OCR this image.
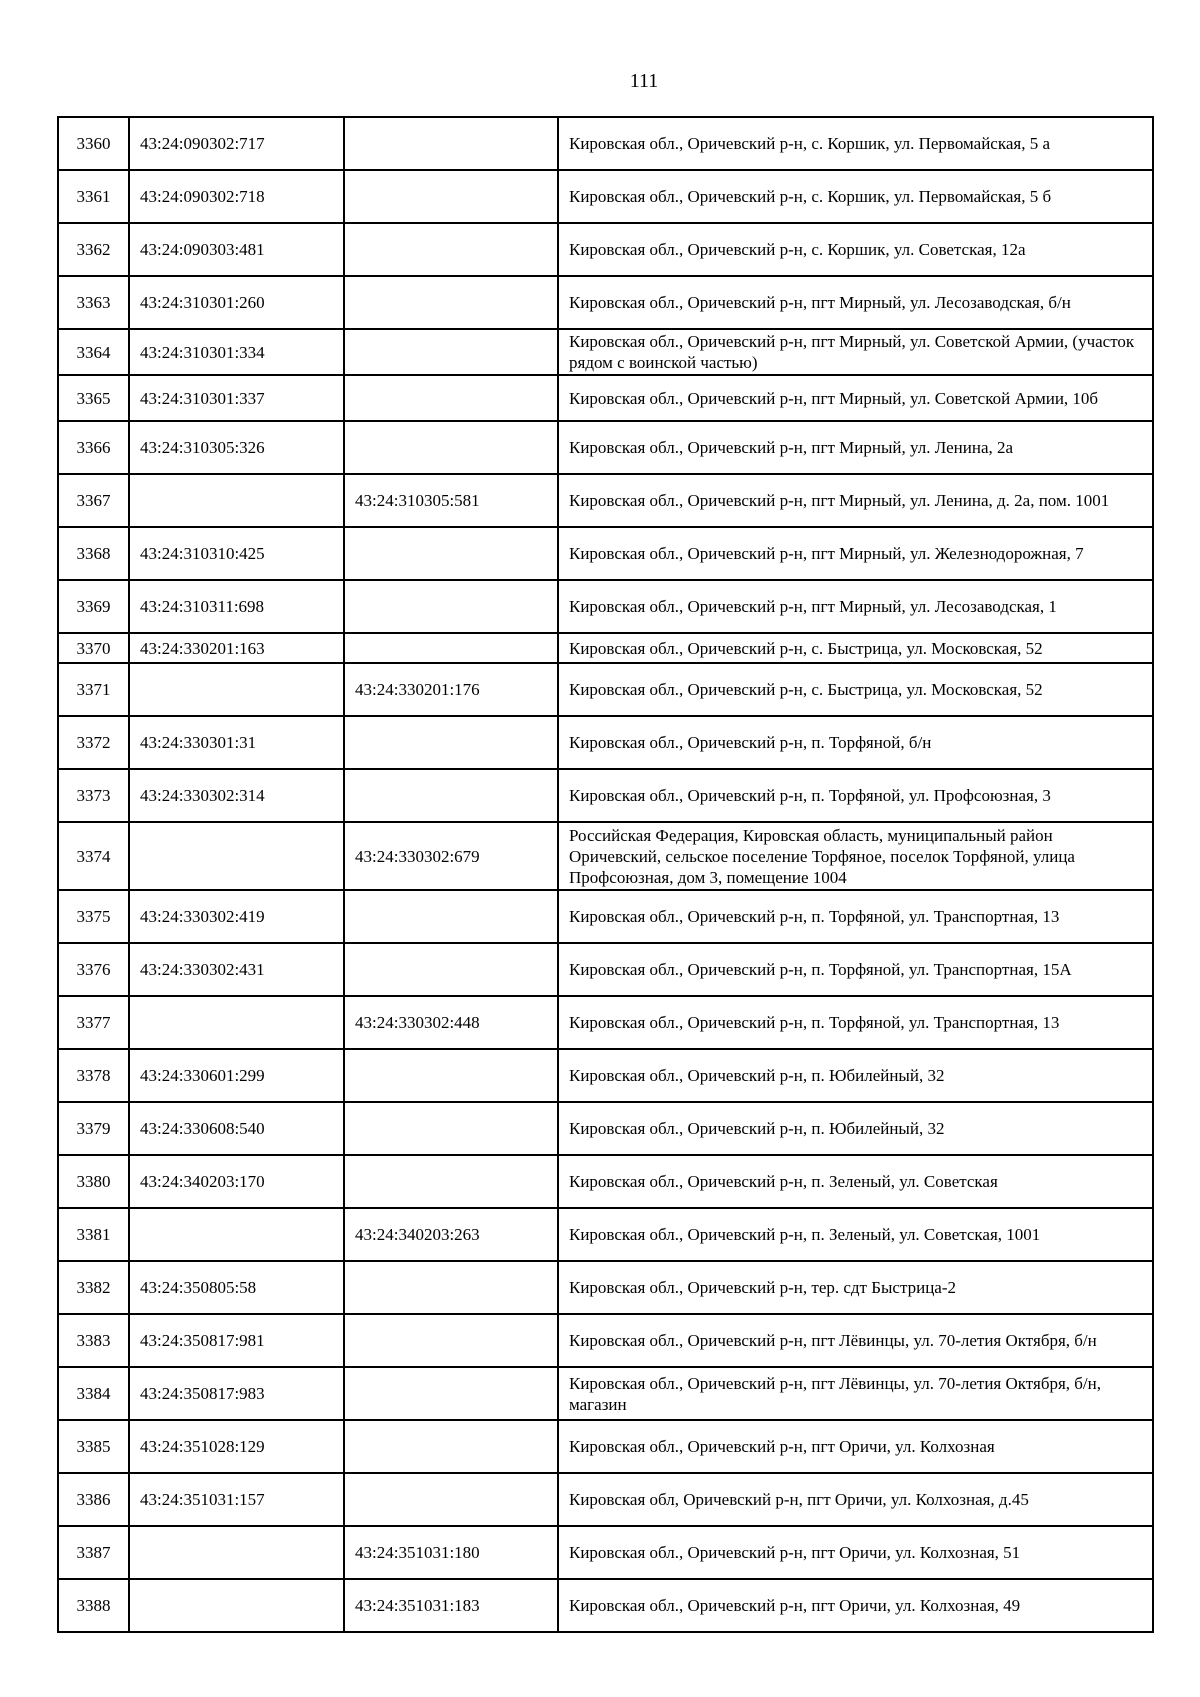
111
3360	43:24:090302:717		Кировская обл., Оричевский р-н, с. Коршик, ул. Первомайская, 5 а
3361	43:24:090302:718		Кировская обл., Оричевский р-н, с. Коршик, ул. Первомайская, 5 б
3362	43:24:090303:481		Кировская обл., Оричевский р-н, с. Коршик, ул. Советская, 12а
3363	43:24:310301:260		Кировская обл., Оричевский р-н, пгт Мирный, ул. Лесозаводская, б/н
3364	43:24:310301:334		Кировская обл., Оричевский р-н, пгт Мирный, ул. Советской Армии, (участок рядом с воинской частью)
3365	43:24:310301:337		Кировская обл., Оричевский р-н, пгт Мирный, ул. Советской Армии, 10б
3366	43:24:310305:326		Кировская обл., Оричевский р-н, пгт Мирный, ул. Ленина, 2а
3367		43:24:310305:581	Кировская обл., Оричевский р-н, пгт Мирный, ул. Ленина, д. 2а, пом. 1001
3368	43:24:310310:425		Кировская обл., Оричевский р-н, пгт Мирный, ул. Железнодорожная, 7
3369	43:24:310311:698		Кировская обл., Оричевский р-н, пгт Мирный, ул. Лесозаводская, 1
3370	43:24:330201:163		Кировская обл., Оричевский р-н, с. Быстрица, ул. Московская, 52
3371		43:24:330201:176	Кировская обл., Оричевский р-н, с. Быстрица, ул. Московская, 52
3372	43:24:330301:31		Кировская обл., Оричевский р-н, п. Торфяной, б/н
3373	43:24:330302:314		Кировская обл., Оричевский р-н, п. Торфяной, ул. Профсоюзная, 3
3374		43:24:330302:679	Российская Федерация, Кировская область, муниципальный район Оричевский, сельское поселение Торфяное, поселок Торфяной, улица Профсоюзная, дом 3, помещение 1004
3375	43:24:330302:419		Кировская обл., Оричевский р-н, п. Торфяной, ул. Транспортная, 13
3376	43:24:330302:431		Кировская обл., Оричевский р-н, п. Торфяной, ул. Транспортная, 15А
3377		43:24:330302:448	Кировская обл., Оричевский р-н, п. Торфяной, ул. Транспортная, 13
3378	43:24:330601:299		Кировская обл., Оричевский р-н, п. Юбилейный, 32
3379	43:24:330608:540		Кировская обл., Оричевский р-н, п. Юбилейный, 32
3380	43:24:340203:170		Кировская обл., Оричевский р-н, п. Зеленый, ул. Советская
3381		43:24:340203:263	Кировская обл., Оричевский р-н, п. Зеленый, ул. Советская, 1001
3382	43:24:350805:58		Кировская обл., Оричевский р-н, тер. сдт Быстрица-2
3383	43:24:350817:981		Кировская обл., Оричевский р-н, пгт Лёвинцы, ул. 70-летия Октября, б/н
3384	43:24:350817:983		Кировская обл., Оричевский р-н, пгт Лёвинцы, ул. 70-летия Октября, б/н, магазин
3385	43:24:351028:129		Кировская обл., Оричевский р-н, пгт Оричи, ул. Колхозная
3386	43:24:351031:157		Кировская обл, Оричевский р-н, пгт Оричи, ул. Колхозная, д.45
3387		43:24:351031:180	Кировская обл., Оричевский р-н, пгт Оричи, ул. Колхозная, 51
3388		43:24:351031:183	Кировская обл., Оричевский р-н, пгт Оричи, ул. Колхозная, 49
